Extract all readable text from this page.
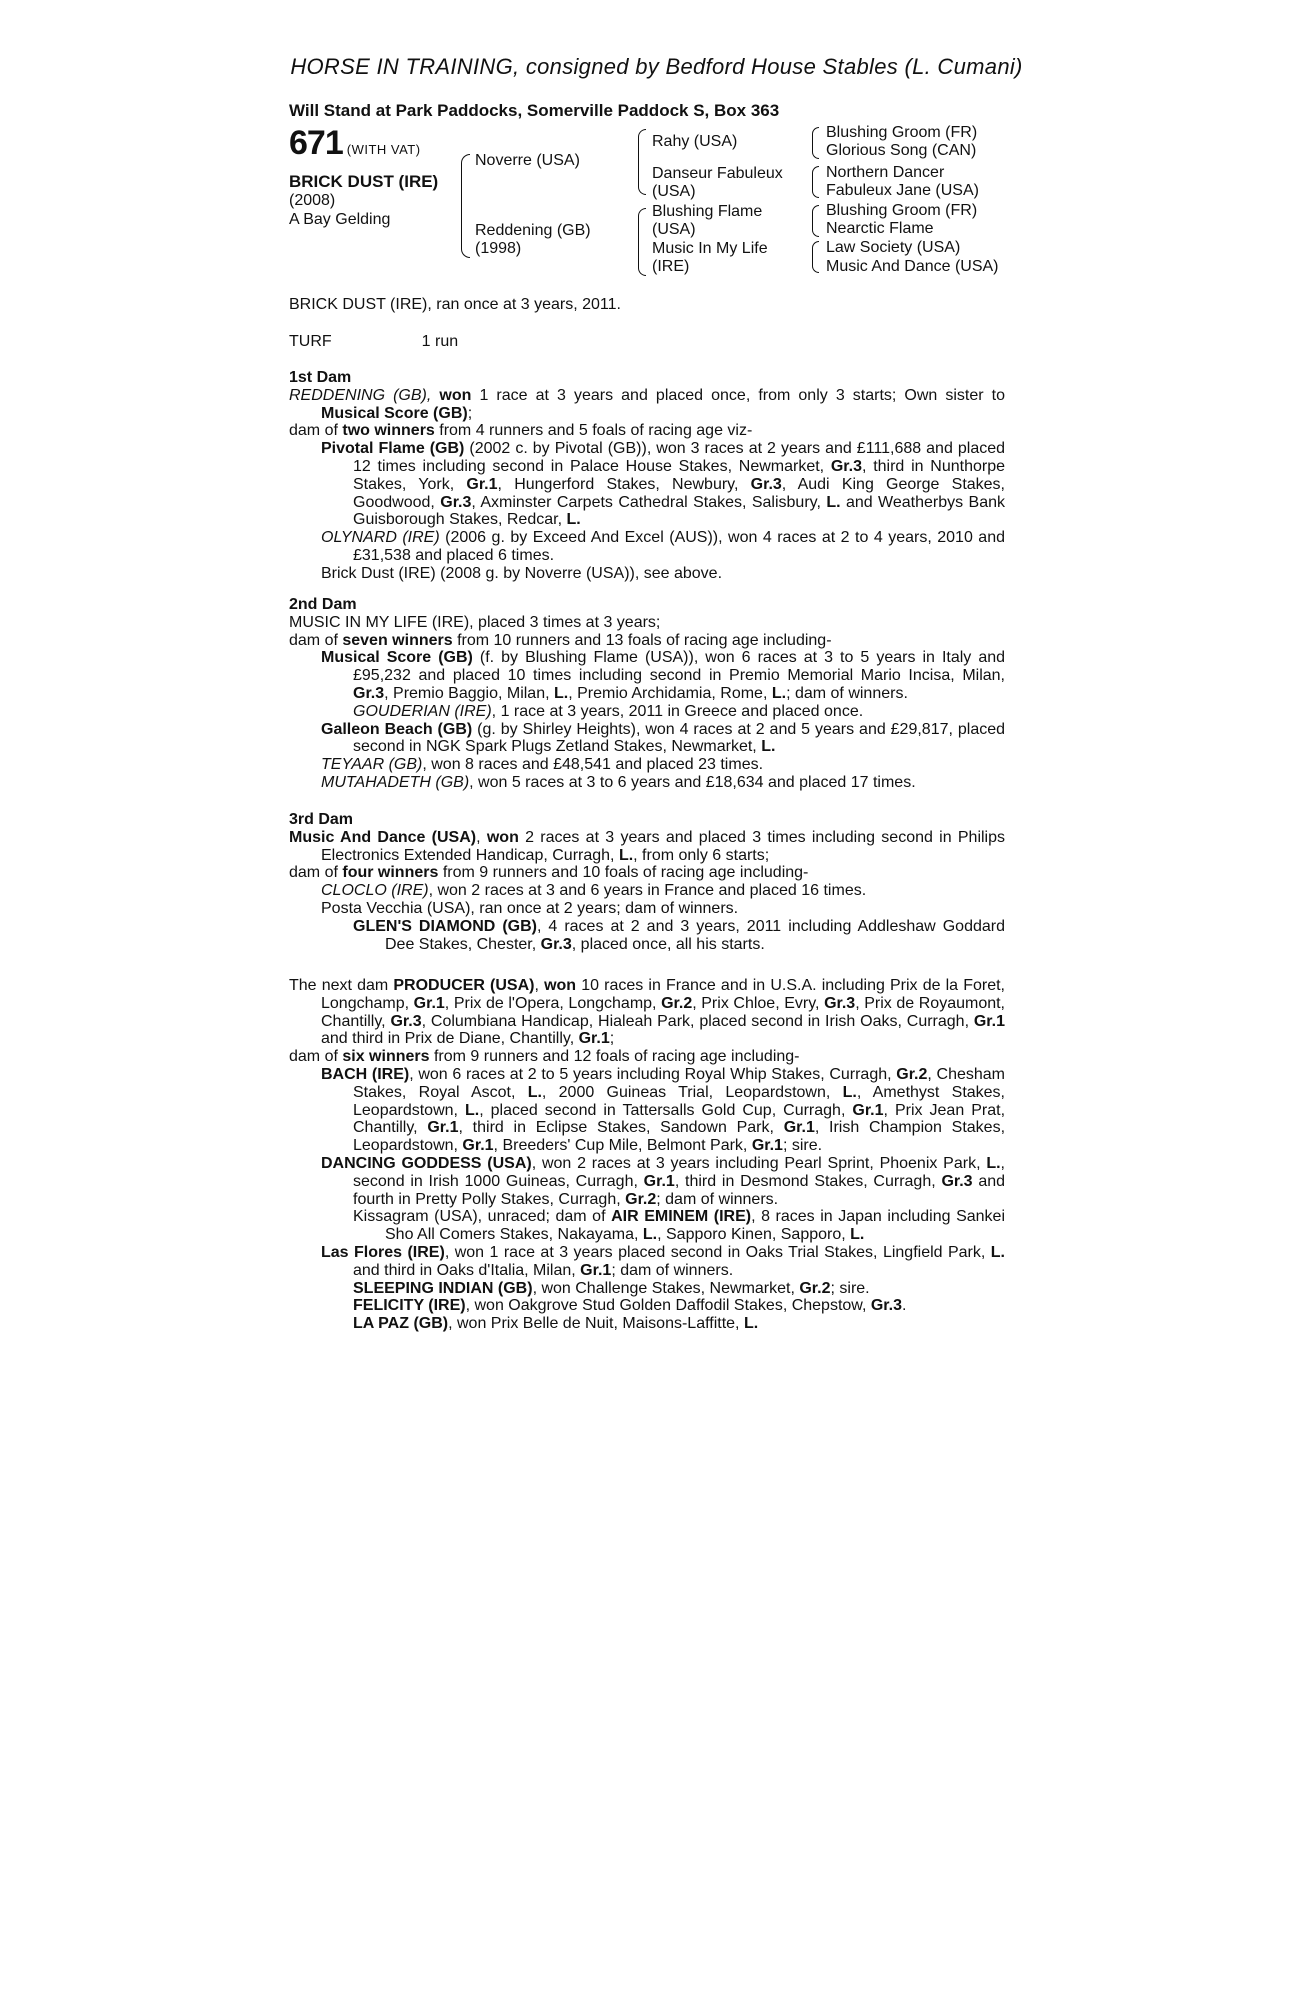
HORSE IN TRAINING, consigned by Bedford House Stables (L. Cumani)
Will Stand at Park Paddocks, Somerville Paddock S, Box 363
671 (WITH VAT)
BRICK DUST (IRE)
(2008)
A Bay Gelding
Noverre (USA)
Reddening (GB)
(1998)
Rahy (USA)
Danseur Fabuleux
(USA)
Blushing Flame
(USA)
Music In My Life
(IRE)
Blushing Groom (FR)
Glorious Song (CAN)
Northern Dancer
Fabuleux Jane (USA)
Blushing Groom (FR)
Nearctic Flame
Law Society (USA)
Music And Dance (USA)

BRICK DUST (IRE), ran once at 3 years, 2011.

TURF	1 run
1st Dam

REDDENING (GB), won 1 race at 3 years and placed once, from only 3 starts; Own sister to Musical Score (GB);

dam of two winners from 4 runners and 5 foals of racing age viz-

Pivotal Flame (GB) (2002 c. by Pivotal (GB)), won 3 races at 2 years and £111,688 and placed 12 times including second in Palace House Stakes, Newmarket, Gr.3, third in Nunthorpe Stakes, York, Gr.1, Hungerford Stakes, Newbury, Gr.3, Audi King George Stakes, Goodwood, Gr.3, Axminster Carpets Cathedral Stakes, Salisbury, L. and Weatherbys Bank Guisborough Stakes, Redcar, L.

OLYNARD (IRE) (2006 g. by Exceed And Excel (AUS)), won 4 races at 2 to 4 years, 2010 and £31,538 and placed 6 times.

Brick Dust (IRE) (2008 g. by Noverre (USA)), see above.

2nd Dam

MUSIC IN MY LIFE (IRE), placed 3 times at 3 years;

dam of seven winners from 10 runners and 13 foals of racing age including-

Musical Score (GB) (f. by Blushing Flame (USA)), won 6 races at 3 to 5 years in Italy and £95,232 and placed 10 times including second in Premio Memorial Mario Incisa, Milan, Gr.3, Premio Baggio, Milan, L., Premio Archidamia, Rome, L.; dam of winners.

GOUDERIAN (IRE), 1 race at 3 years, 2011 in Greece and placed once.

Galleon Beach (GB) (g. by Shirley Heights), won 4 races at 2 and 5 years and £29,817, placed second in NGK Spark Plugs Zetland Stakes, Newmarket, L.

TEYAAR (GB), won 8 races and £48,541 and placed 23 times.

MUTAHADETH (GB), won 5 races at 3 to 6 years and £18,634 and placed 17 times.

3rd Dam

Music And Dance (USA), won 2 races at 3 years and placed 3 times including second in Philips Electronics Extended Handicap, Curragh, L., from only 6 starts;

dam of four winners from 9 runners and 10 foals of racing age including-

CLOCLO (IRE), won 2 races at 3 and 6 years in France and placed 16 times.

Posta Vecchia (USA), ran once at 2 years; dam of winners.

GLEN'S DIAMOND (GB), 4 races at 2 and 3 years, 2011 including Addleshaw Goddard Dee Stakes, Chester, Gr.3, placed once, all his starts.

The next dam PRODUCER (USA), won 10 races in France and in U.S.A. including Prix de la Foret, Longchamp, Gr.1, Prix de l'Opera, Longchamp, Gr.2, Prix Chloe, Evry, Gr.3, Prix de Royaumont, Chantilly, Gr.3, Columbiana Handicap, Hialeah Park, placed second in Irish Oaks, Curragh, Gr.1 and third in Prix de Diane, Chantilly, Gr.1;

dam of six winners from 9 runners and 12 foals of racing age including-

BACH (IRE), won 6 races at 2 to 5 years including Royal Whip Stakes, Curragh, Gr.2, Chesham Stakes, Royal Ascot, L., 2000 Guineas Trial, Leopardstown, L., Amethyst Stakes, Leopardstown, L., placed second in Tattersalls Gold Cup, Curragh, Gr.1, Prix Jean Prat, Chantilly, Gr.1, third in Eclipse Stakes, Sandown Park, Gr.1, Irish Champion Stakes, Leopardstown, Gr.1, Breeders' Cup Mile, Belmont Park, Gr.1; sire.

DANCING GODDESS (USA), won 2 races at 3 years including Pearl Sprint, Phoenix Park, L., second in Irish 1000 Guineas, Curragh, Gr.1, third in Desmond Stakes, Curragh, Gr.3 and fourth in Pretty Polly Stakes, Curragh, Gr.2; dam of winners.

Kissagram (USA), unraced; dam of AIR EMINEM (IRE), 8 races in Japan including Sankei Sho All Comers Stakes, Nakayama, L., Sapporo Kinen, Sapporo, L.

Las Flores (IRE), won 1 race at 3 years placed second in Oaks Trial Stakes, Lingfield Park, L. and third in Oaks d'Italia, Milan, Gr.1; dam of winners.

SLEEPING INDIAN (GB), won Challenge Stakes, Newmarket, Gr.2; sire.

FELICITY (IRE), won Oakgrove Stud Golden Daffodil Stakes, Chepstow, Gr.3.

LA PAZ (GB), won Prix Belle de Nuit, Maisons-Laffitte, L.
